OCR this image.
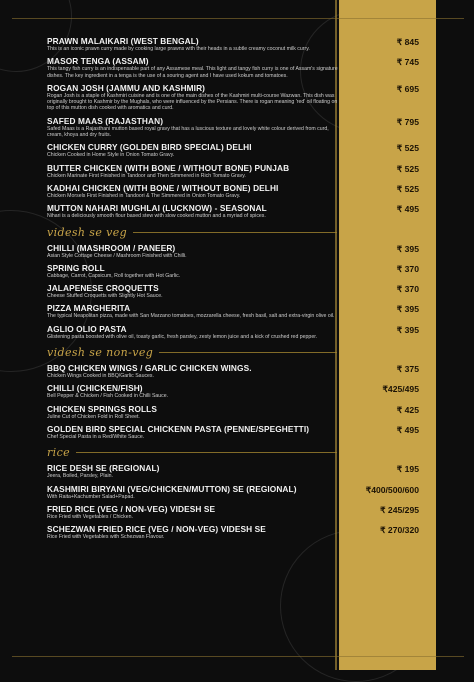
PRAWN MALAIKARI (WEST BENGAL)
This is an iconic prawn curry made by cooking large prawns with their heads in a subtle creamy coconut milk curry.
₹ 845
MASOR TENGA (ASSAM)
This tangy fish curry is an indispensable part of any Assamese meal. This light and tangy fish curry is one of Assam's signature dishes. The key ingredient in a tenga is the use of a souring agent and I have used kokum and tomatoes.
₹ 745
ROGAN JOSH (JAMMU AND KASHMIR)
Rogan Josh is a staple of Kashmiri cuisine and is one of the main dishes of the Kashmiri multi-course Wazwan. This dish was originally brought to Kashmir by the Mughals, who were influenced by the Persians. There is rogan meaning 'red' oil floating on top of this mutton dish cooked with aromatics and curd.
₹ 695
SAFED MAAS (RAJASTHAN)
Safed Maas is a Rajasthani mutton based royal gravy that has a luscious texture and lovely white colour derived from curd, cream, khoya and dry fruits.
₹ 795
CHICKEN CURRY (GOLDEN BIRD SPECIAL) DELHI
Chicken Cooked in Home Style in Onion Tomato Gravy.
₹ 525
BUTTER CHICKEN (WITH BONE / WITHOUT BONE) PUNJAB
Chicken Marinate First Finished in Tandoor and Then Simmered in Rich Tomato Gravy.
₹ 525
KADHAI CHICKEN (WITH BONE / WITHOUT BONE) DELHI
Chicken Morsels First Finished in Tandoori & The Simmered in Onion Tomato Gravy.
₹ 525
MUTTON NAHARI MUGHLAI (LUCKNOW) - SEASONAL
Nihari is a deliciously smooth flour based stew with slow cooked mutton and a myriad of spices.
₹ 495
videsh se veg
CHILLI (MASHROOM / PANEER)
Asian Style Cottage Cheese / Mashroom Finished with Chilli.
₹ 395
SPRING ROLL
Cabbage, Carrot, Capsicum, Roll together with Hot Garlic.
₹ 370
JALAPENESE CROQUETTS
Cheese Stuffed Croquetts with Slightly Hot Sauce.
₹ 370
PIZZA MARGHERITA
The typical Neapolitan pizza, made with San Marzano tomatoes, mozzarella cheese, fresh basil, salt and extra-virgin olive oil.
₹ 395
AGLIO OLIO PASTA
Glistening pasta boosted with olive oil, toasty garlic, fresh parsley, zesty lemon juice and a kick of crushed red pepper.
₹ 395
videsh se non-veg
BBQ CHICKEN WINGS / GARLIC CHICKEN WINGS.
Chicken Wings Cooked in BBQ/Garlic Sauces.
₹ 375
CHILLI (CHICKEN/FISH)
Bell Pepper & Chicken / Fish Cooked in Chilli Sauce.
₹425/495
CHICKEN SPRINGS ROLLS
Juline Cut of Chicken Fold in Roll Sheet.
₹ 425
GOLDEN BIRD SPECIAL CHICKENN PASTA (PENNE/SPEGHETTI)
Chef Special Pasta in a Red/White Sauce.
₹ 495
rice
RICE DESH SE (REGIONAL)
Jeera, Boiled, Parsley, Plain.
₹ 195
KASHMIRI BIRYANI (VEG/CHICKEN/MUTTON) SE (REGIONAL)
With Raita+Kachumber Salad+Papad.
₹400/500/600
FRIED RICE (VEG / NON-VEG) VIDESH SE
Rice Fried with Vegetables / Chicken.
₹ 245/295
SCHEZWAN FRIED RICE (VEG / NON-VEG) VIDESH SE
Rice Fried with Vegetables with Schezwan Flavour.
₹ 270/320
